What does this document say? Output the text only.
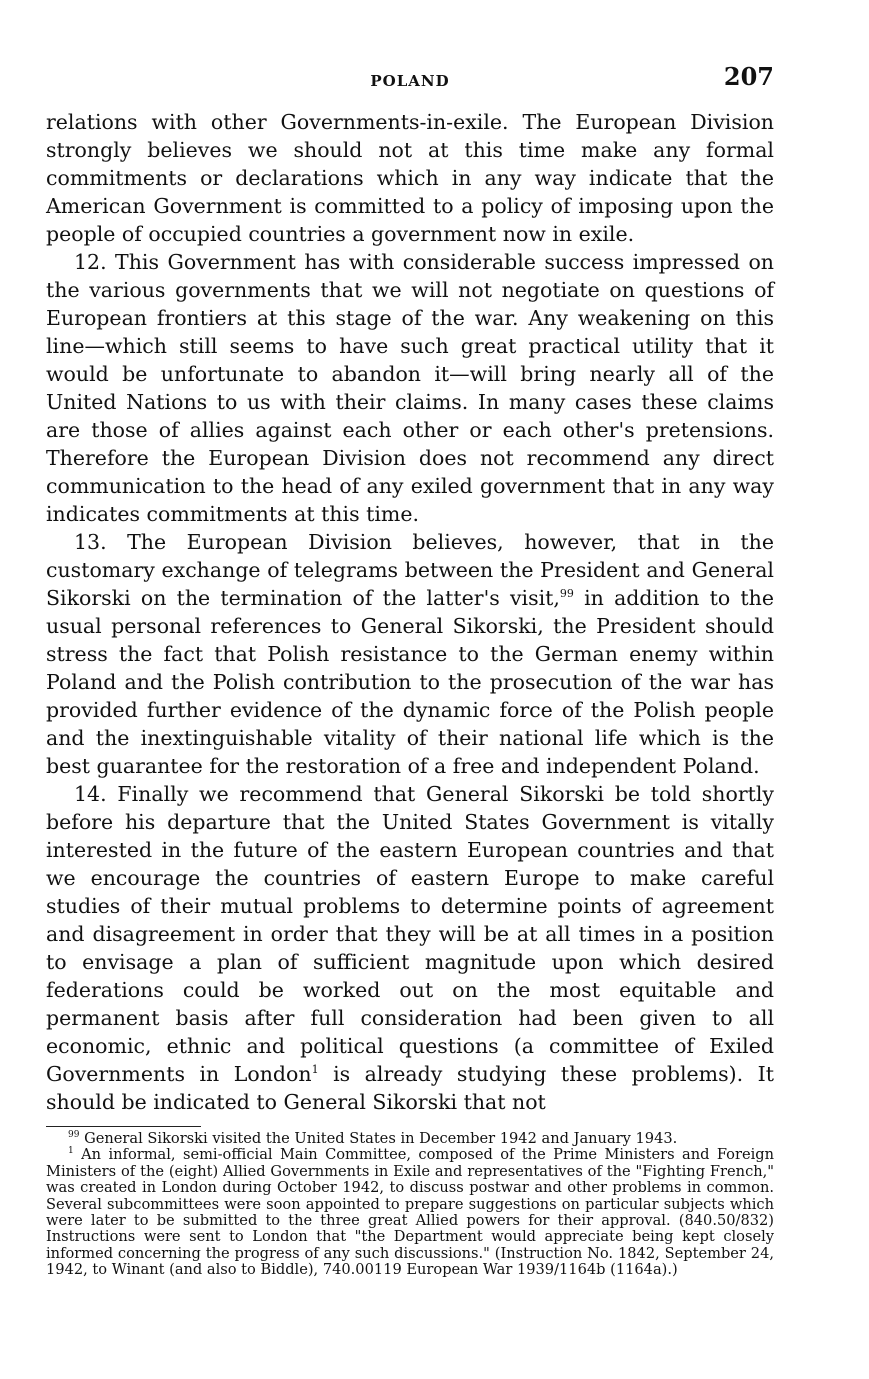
POLAND	207

relations with other Governments-in-exile. The European Division strongly believes we should not at this time make any formal commitments or declarations which in any way indicate that the American Government is committed to a policy of imposing upon the people of occupied countries a government now in exile.

12. This Government has with considerable success impressed on the various governments that we will not negotiate on questions of European frontiers at this stage of the war. Any weakening on this line—which still seems to have such great practical utility that it would be unfortunate to abandon it—will bring nearly all of the United Nations to us with their claims. In many cases these claims are those of allies against each other or each other's pretensions. Therefore the European Division does not recommend any direct communication to the head of any exiled government that in any way indicates commitments at this time.

13. The European Division believes, however, that in the customary exchange of telegrams between the President and General Sikorski on the termination of the latter's visit,$^{99}$ in addition to the usual personal references to General Sikorski, the President should stress the fact that Polish resistance to the German enemy within Poland and the Polish contribution to the prosecution of the war has provided further evidence of the dynamic force of the Polish people and the inextinguishable vitality of their national life which is the best guarantee for the restoration of a free and independent Poland.

14. Finally we recommend that General Sikorski be told shortly before his departure that the United States Government is vitally interested in the future of the eastern European countries and that we encourage the countries of eastern Europe to make careful studies of their mutual problems to determine points of agreement and disagreement in order that they will be at all times in a position to envisage a plan of sufficient magnitude upon which desired federations could be worked out on the most equitable and permanent basis after full consideration had been given to all economic, ethnic and political questions (a committee of Exiled Governments in London$^1$ is already studying these problems). It should be indicated to General Sikorski that not

$^{99}$ General Sikorski visited the United States in December 1942 and January 1943.

$^1$ An informal, semi-official Main Committee, composed of the Prime Ministers and Foreign Ministers of the (eight) Allied Governments in Exile and representatives of the "Fighting French," was created in London during October 1942, to discuss postwar and other problems in common. Several subcommittees were soon appointed to prepare suggestions on particular subjects which were later to be submitted to the three great Allied powers for their approval. (840.50/832) Instructions were sent to London that "the Department would appreciate being kept closely informed concerning the progress of any such discussions." (Instruction No. 1842, September 24, 1942, to Winant (and also to Biddle), 740.00119 European War 1939/1164b (1164a).)
